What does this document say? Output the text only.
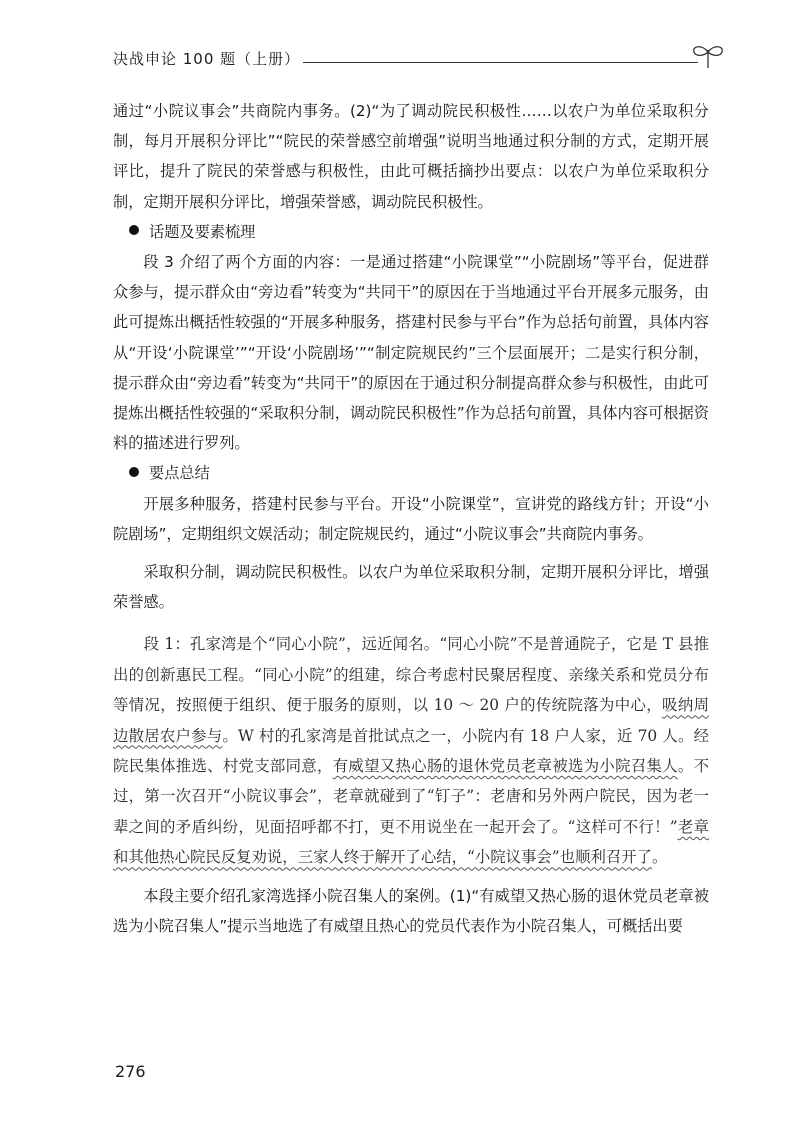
决战申论 100 题（上册）

通过“小院议事会”共商院内事务。(2)“为了调动院民积极性……以农户为单位采取积分制，每月开展积分评比”“院民的荣誉感空前增强”说明当地通过积分制的方式，定期开展评比，提升了院民的荣誉感与积极性，由此可概括摘抄出要点：以农户为单位采取积分制，定期开展积分评比，增强荣誉感，调动院民积极性。

话题及要素梳理

段 3 介绍了两个方面的内容：一是通过搭建“小院课堂”“小院剧场”等平台，促进群众参与，提示群众由“旁边看”转变为“共同干”的原因在于当地通过平台开展多元服务，由此可提炼出概括性较强的“开展多种服务，搭建村民参与平台”作为总括句前置，具体内容从“开设‘小院课堂’”“开设‘小院剧场’”“制定院规民约”三个层面展开；二是实行积分制，提示群众由“旁边看”转变为“共同干”的原因在于通过积分制提高群众参与积极性，由此可提炼出概括性较强的“采取积分制，调动院民积极性”作为总括句前置，具体内容可根据资料的描述进行罗列。

要点总结

开展多种服务，搭建村民参与平台。开设“小院课堂”，宣讲党的路线方针；开设“小院剧场”，定期组织文娱活动；制定院规民约，通过“小院议事会”共商院内事务。

采取积分制，调动院民积极性。以农户为单位采取积分制，定期开展积分评比，增强荣誉感。

段 1：孔家湾是个“同心小院”，远近闻名。“同心小院”不是普通院子，它是 T 县推出的创新惠民工程。“同心小院”的组建，综合考虑村民聚居程度、亲缘关系和党员分布等情况，按照便于组织、便于服务的原则，以 10 ～ 20 户的传统院落为中心，吸纳周边散居农户参与。W 村的孔家湾是首批试点之一，小院内有 18 户人家，近 70 人。经院民集体推选、村党支部同意，有威望又热心肠的退休党员老章被选为小院召集人。不过，第一次召开“小院议事会”，老章就碰到了“钉子”：老唐和另外两户院民，因为老一辈之间的矛盾纠纷，见面招呼都不打，更不用说坐在一起开会了。“这样可不行！”老章和其他热心院民反复劝说，三家人终于解开了心结，“小院议事会”也顺利召开了。

本段主要介绍孔家湾选择小院召集人的案例。(1)“有威望又热心肠的退休党员老章被选为小院召集人”提示当地选了有威望且热心的党员代表作为小院召集人，可概括出要

276
